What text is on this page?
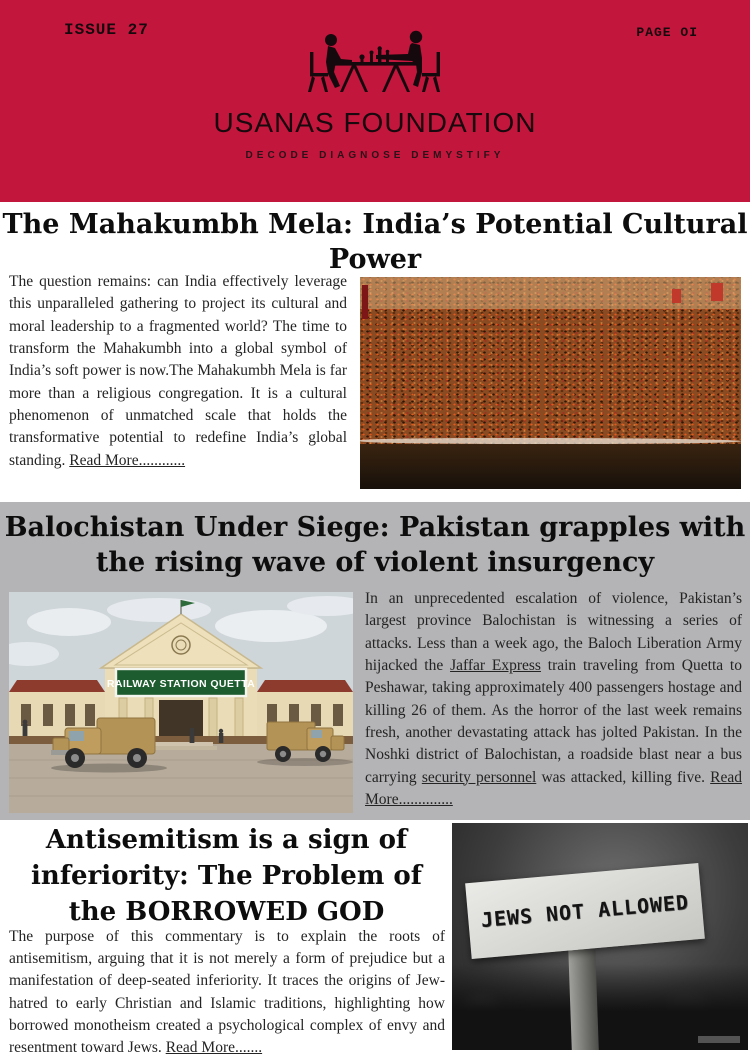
ISSUE 27	PAGE OI
USANAS FOUNDATION
DECODE DIAGNOSE DEMYSTIFY
The Mahakumbh Mela: India’s Potential Cultural Power

The question remains: can India effectively leverage this unparalleled gathering to project its cultural and moral leadership to a fragmented world? The time to transform the Mahakumbh into a global symbol of India’s soft power is now.The Mahakumbh Mela is far more than a religious congregation. It is a cultural phenomenon of unmatched scale that holds the transformative potential to redefine India’s global standing. Read More............

Balochistan Under Siege: Pakistan grapples with the rising wave of violent insurgency
RAILWAY STATION QUETTA

In an unprecedented escalation of violence, Pakistan’s largest province Balochistan is witnessing a series of attacks. Less than a week ago, the Baloch Liberation Army hijacked the Jaffar Express train traveling from Quetta to Peshawar, taking approximately 400 passengers hostage and killing 26 of them. As the horror of the last week remains fresh, another devastating attack has jolted Pakistan. In the Noshki district of Balochistan, a roadside blast near a bus carrying security personnel was attacked, killing five. Read More..............

Antisemitism is a sign of inferiority: The Problem of the BORROWED GOD

The purpose of this commentary is to explain the roots of antisemitism, arguing that it is not merely a form of prejudice but a manifestation of deep-seated inferiority. It traces the origins of Jew-hatred to early Christian and Islamic traditions, highlighting how borrowed monotheism created a psychological complex of envy and resentment toward Jews. Read More.......

JEWS NOT ALLOWED
